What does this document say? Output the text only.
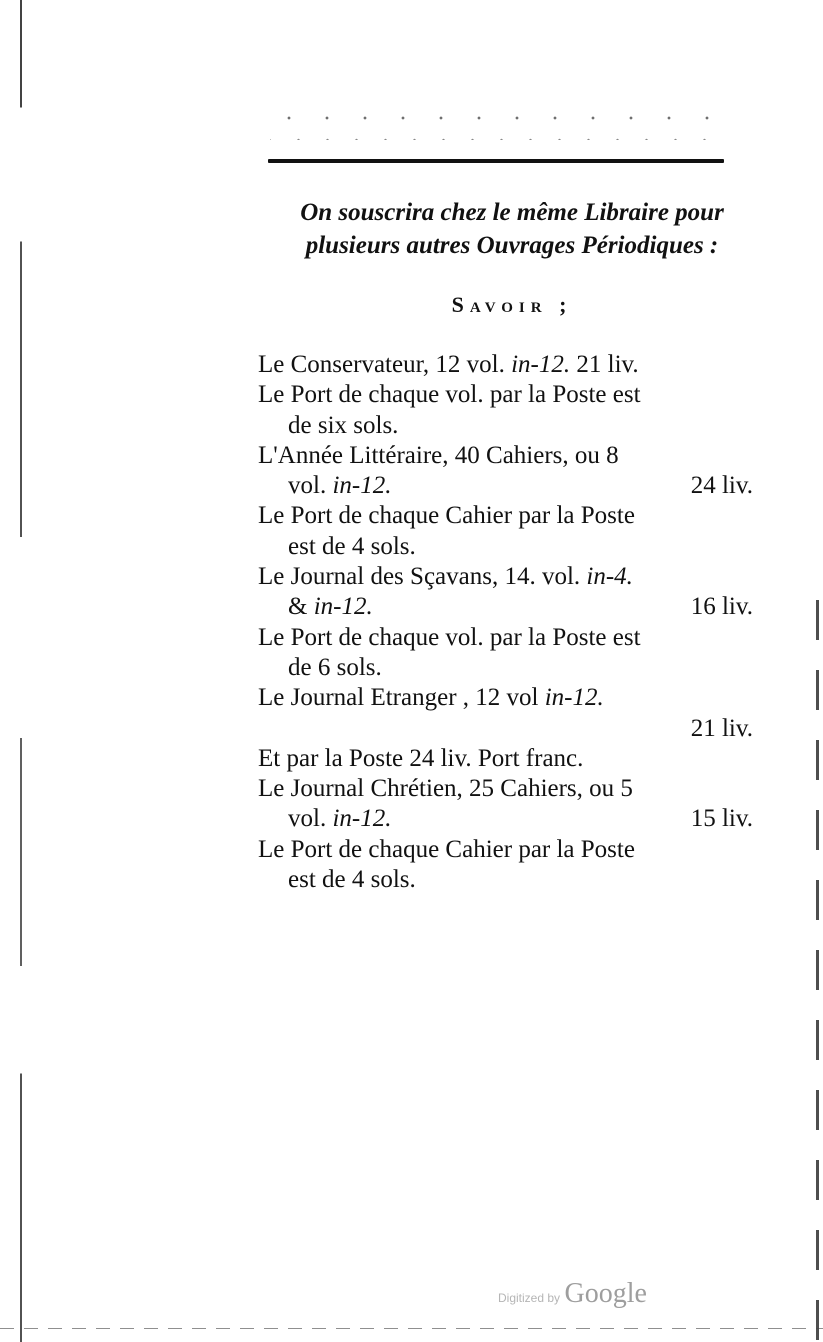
On souscrira chez le même Libraire pour
plusieurs autres Ouvrages Périodiques :
Savoir ;
Le Conservateur, 12 vol. in-12. 21 liv.
Le Port de chaque vol. par la Poste est
de six sols.
L'Année Littéraire, 40 Cahiers, ou 8
vol. in-12.	24 liv.
Le Port de chaque Cahier par la Poste
est de 4 sols.
Le Journal des Sçavans, 14. vol. in-4.
& in-12.	16 liv.
Le Port de chaque vol. par la Poste est
de 6 sols.
Le Journal Etranger , 12 vol in-12.
21 liv.
Et par la Poste 24 liv. Port franc.
Le Journal Chrétien, 25 Cahiers, ou 5
vol. in-12.	15 liv.
Le Port de chaque Cahier par la Poste
est de 4 sols.
Digitized by Google
